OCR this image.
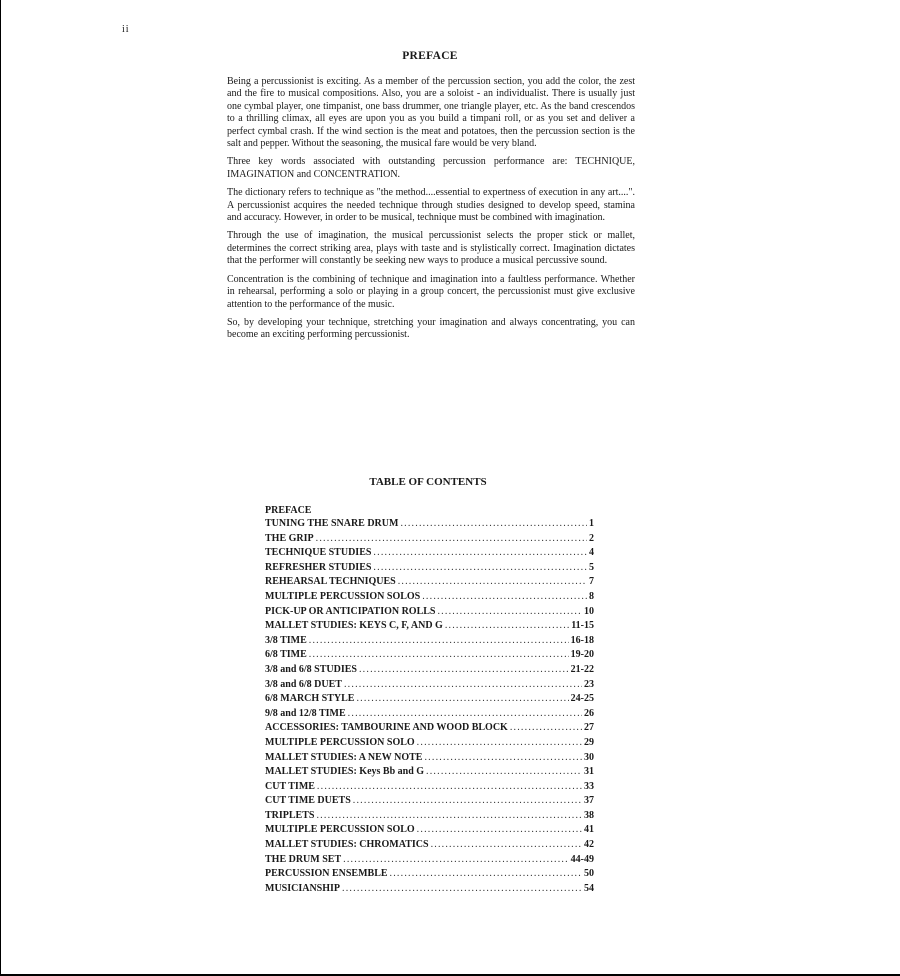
ii
PREFACE

Being a percussionist is exciting. As a member of the percussion section, you add the color, the zest and the fire to musical compositions. Also, you are a soloist - an individualist. There is usually just one cymbal player, one timpanist, one bass drummer, one triangle player, etc. As the band crescendos to a thrilling climax, all eyes are upon you as you build a timpani roll, or as you set and deliver a perfect cymbal crash. If the wind section is the meat and potatoes, then the percussion section is the salt and pepper. Without the seasoning, the musical fare would be very bland.

Three key words associated with outstanding percussion performance are: TECHNIQUE, IMAGINATION and CONCENTRATION.

The dictionary refers to technique as "the method....essential to expertness of execution in any art....". A percussionist acquires the needed technique through studies designed to develop speed, stamina and accuracy. However, in order to be musical, technique must be combined with imagination.

Through the use of imagination, the musical percussionist selects the proper stick or mallet, determines the correct striking area, plays with taste and is stylistically correct. Imagination dictates that the performer will constantly be seeking new ways to produce a musical percussive sound.

Concentration is the combining of technique and imagination into a faultless performance. Whether in rehearsal, performing a solo or playing in a group concert, the percussionist must give exclusive attention to the performance of the music.

So, by developing your technique, stretching your imagination and always concentrating, you can become an exciting performing percussionist.

TABLE OF CONTENTS
PREFACE
TUNING THE SNARE DRUM .....	1
THE GRIP .....	2
TECHNIQUE STUDIES .....	4
REFRESHER STUDIES .....	5
REHEARSAL TECHNIQUES .....	7
MULTIPLE PERCUSSION SOLOS .....	8
PICK-UP OR ANTICIPATION ROLLS .....	10
MALLET STUDIES: KEYS C, F, AND G .....	11-15
3/8 TIME .....	16-18
6/8 TIME .....	19-20
3/8 and 6/8 STUDIES .....	21-22
3/8 and 6/8 DUET .....	23
6/8 MARCH STYLE .....	24-25
9/8 and 12/8 TIME .....	26
ACCESSORIES: TAMBOURINE AND WOOD BLOCK .....	27
MULTIPLE PERCUSSION SOLO .....	29
MALLET STUDIES: A NEW NOTE .....	30
MALLET STUDIES: Keys Bb and G .....	31
CUT TIME .....	33
CUT TIME DUETS .....	37
TRIPLETS .....	38
MULTIPLE PERCUSSION SOLO .....	41
MALLET STUDIES: CHROMATICS .....	42
THE DRUM SET .....	44-49
PERCUSSION ENSEMBLE .....	50
MUSICIANSHIP .....	54
